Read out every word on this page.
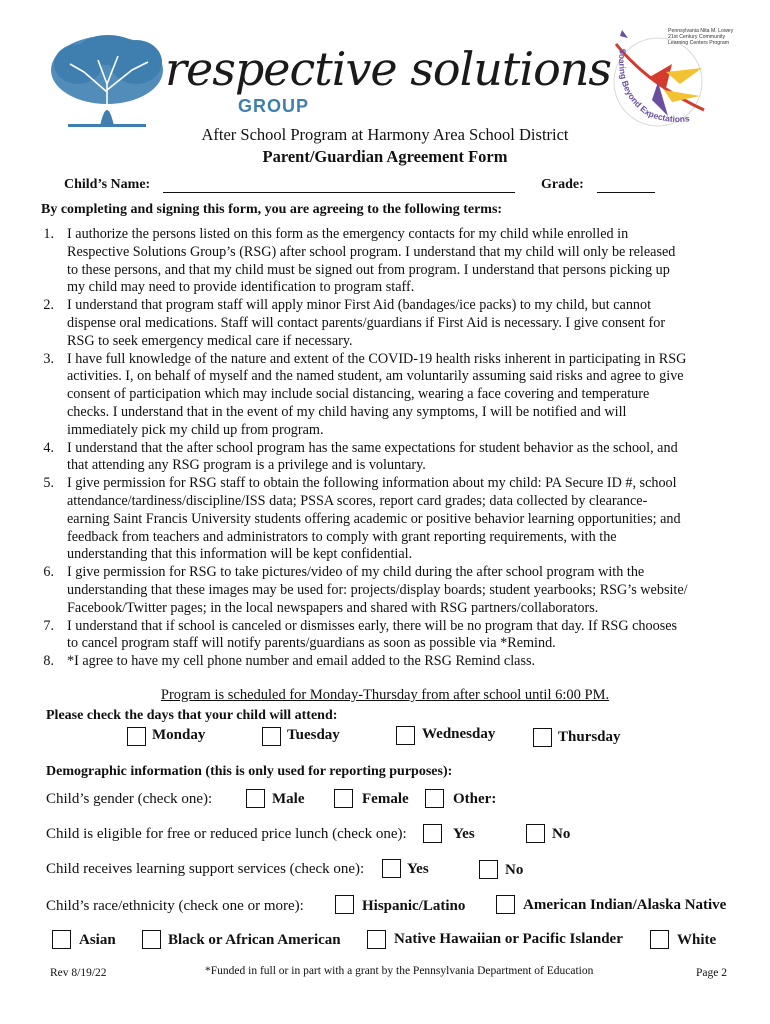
respective solutions
GROUP
Pennsylvania Nita M. Lowey
21st Century Community
Learning Centers Program
Soaring Beyond Expectations
After School Program at Harmony Area School District
Parent/Guardian Agreement Form
Child’s Name:	Grade:
By completing and signing this form, you are agreeing to the following terms:
1. I authorize the persons listed on this form as the emergency contacts for my child while enrolled in
Respective Solutions Group’s (RSG) after school program. I understand that my child will only be released
to these persons, and that my child must be signed out from program. I understand that persons picking up
my child may need to provide identification to program staff.
2. I understand that program staff will apply minor First Aid (bandages/ice packs) to my child, but cannot
dispense oral medications. Staff will contact parents/guardians if First Aid is necessary. I give consent for
RSG to seek emergency medical care if necessary.
3. I have full knowledge of the nature and extent of the COVID-19 health risks inherent in participating in RSG
activities. I, on behalf of myself and the named student, am voluntarily assuming said risks and agree to give
consent of participation which may include social distancing, wearing a face covering and temperature
checks. I understand that in the event of my child having any symptoms, I will be notified and will
immediately pick my child up from program.
4. I understand that the after school program has the same expectations for student behavior as the school, and
that attending any RSG program is a privilege and is voluntary.
5. I give permission for RSG staff to obtain the following information about my child: PA Secure ID #, school
attendance/tardiness/discipline/ISS data; PSSA scores, report card grades; data collected by clearance-
earning Saint Francis University students offering academic or positive behavior learning opportunities; and
feedback from teachers and administrators to comply with grant reporting requirements, with the
understanding that this information will be kept confidential.
6. I give permission for RSG to take pictures/video of my child during the after school program with the
understanding that these images may be used for: projects/display boards; student yearbooks; RSG’s website/
Facebook/Twitter pages; in the local newspapers and shared with RSG partners/collaborators.
7. I understand that if school is canceled or dismisses early, there will be no program that day. If RSG chooses
to cancel program staff will notify parents/guardians as soon as possible via *Remind.
8. *I agree to have my cell phone number and email added to the RSG Remind class.
Program is scheduled for Monday-Thursday from after school until 6:00 PM.
Please check the days that your child will attend:
Monday	Tuesday	Wednesday	Thursday
Demographic information (this is only used for reporting purposes):
Child’s gender (check one):	Male	Female	Other:
Child is eligible for free or reduced price lunch (check one):	Yes	No
Child receives learning support services (check one):	Yes	No
Child’s race/ethnicity (check one or more):	Hispanic/Latino	American Indian/Alaska Native
Asian	Black or African American	Native Hawaiian or Pacific Islander	White
Rev 8/19/22	*Funded in full or in part with a grant by the Pennsylvania Department of Education	Page 2
